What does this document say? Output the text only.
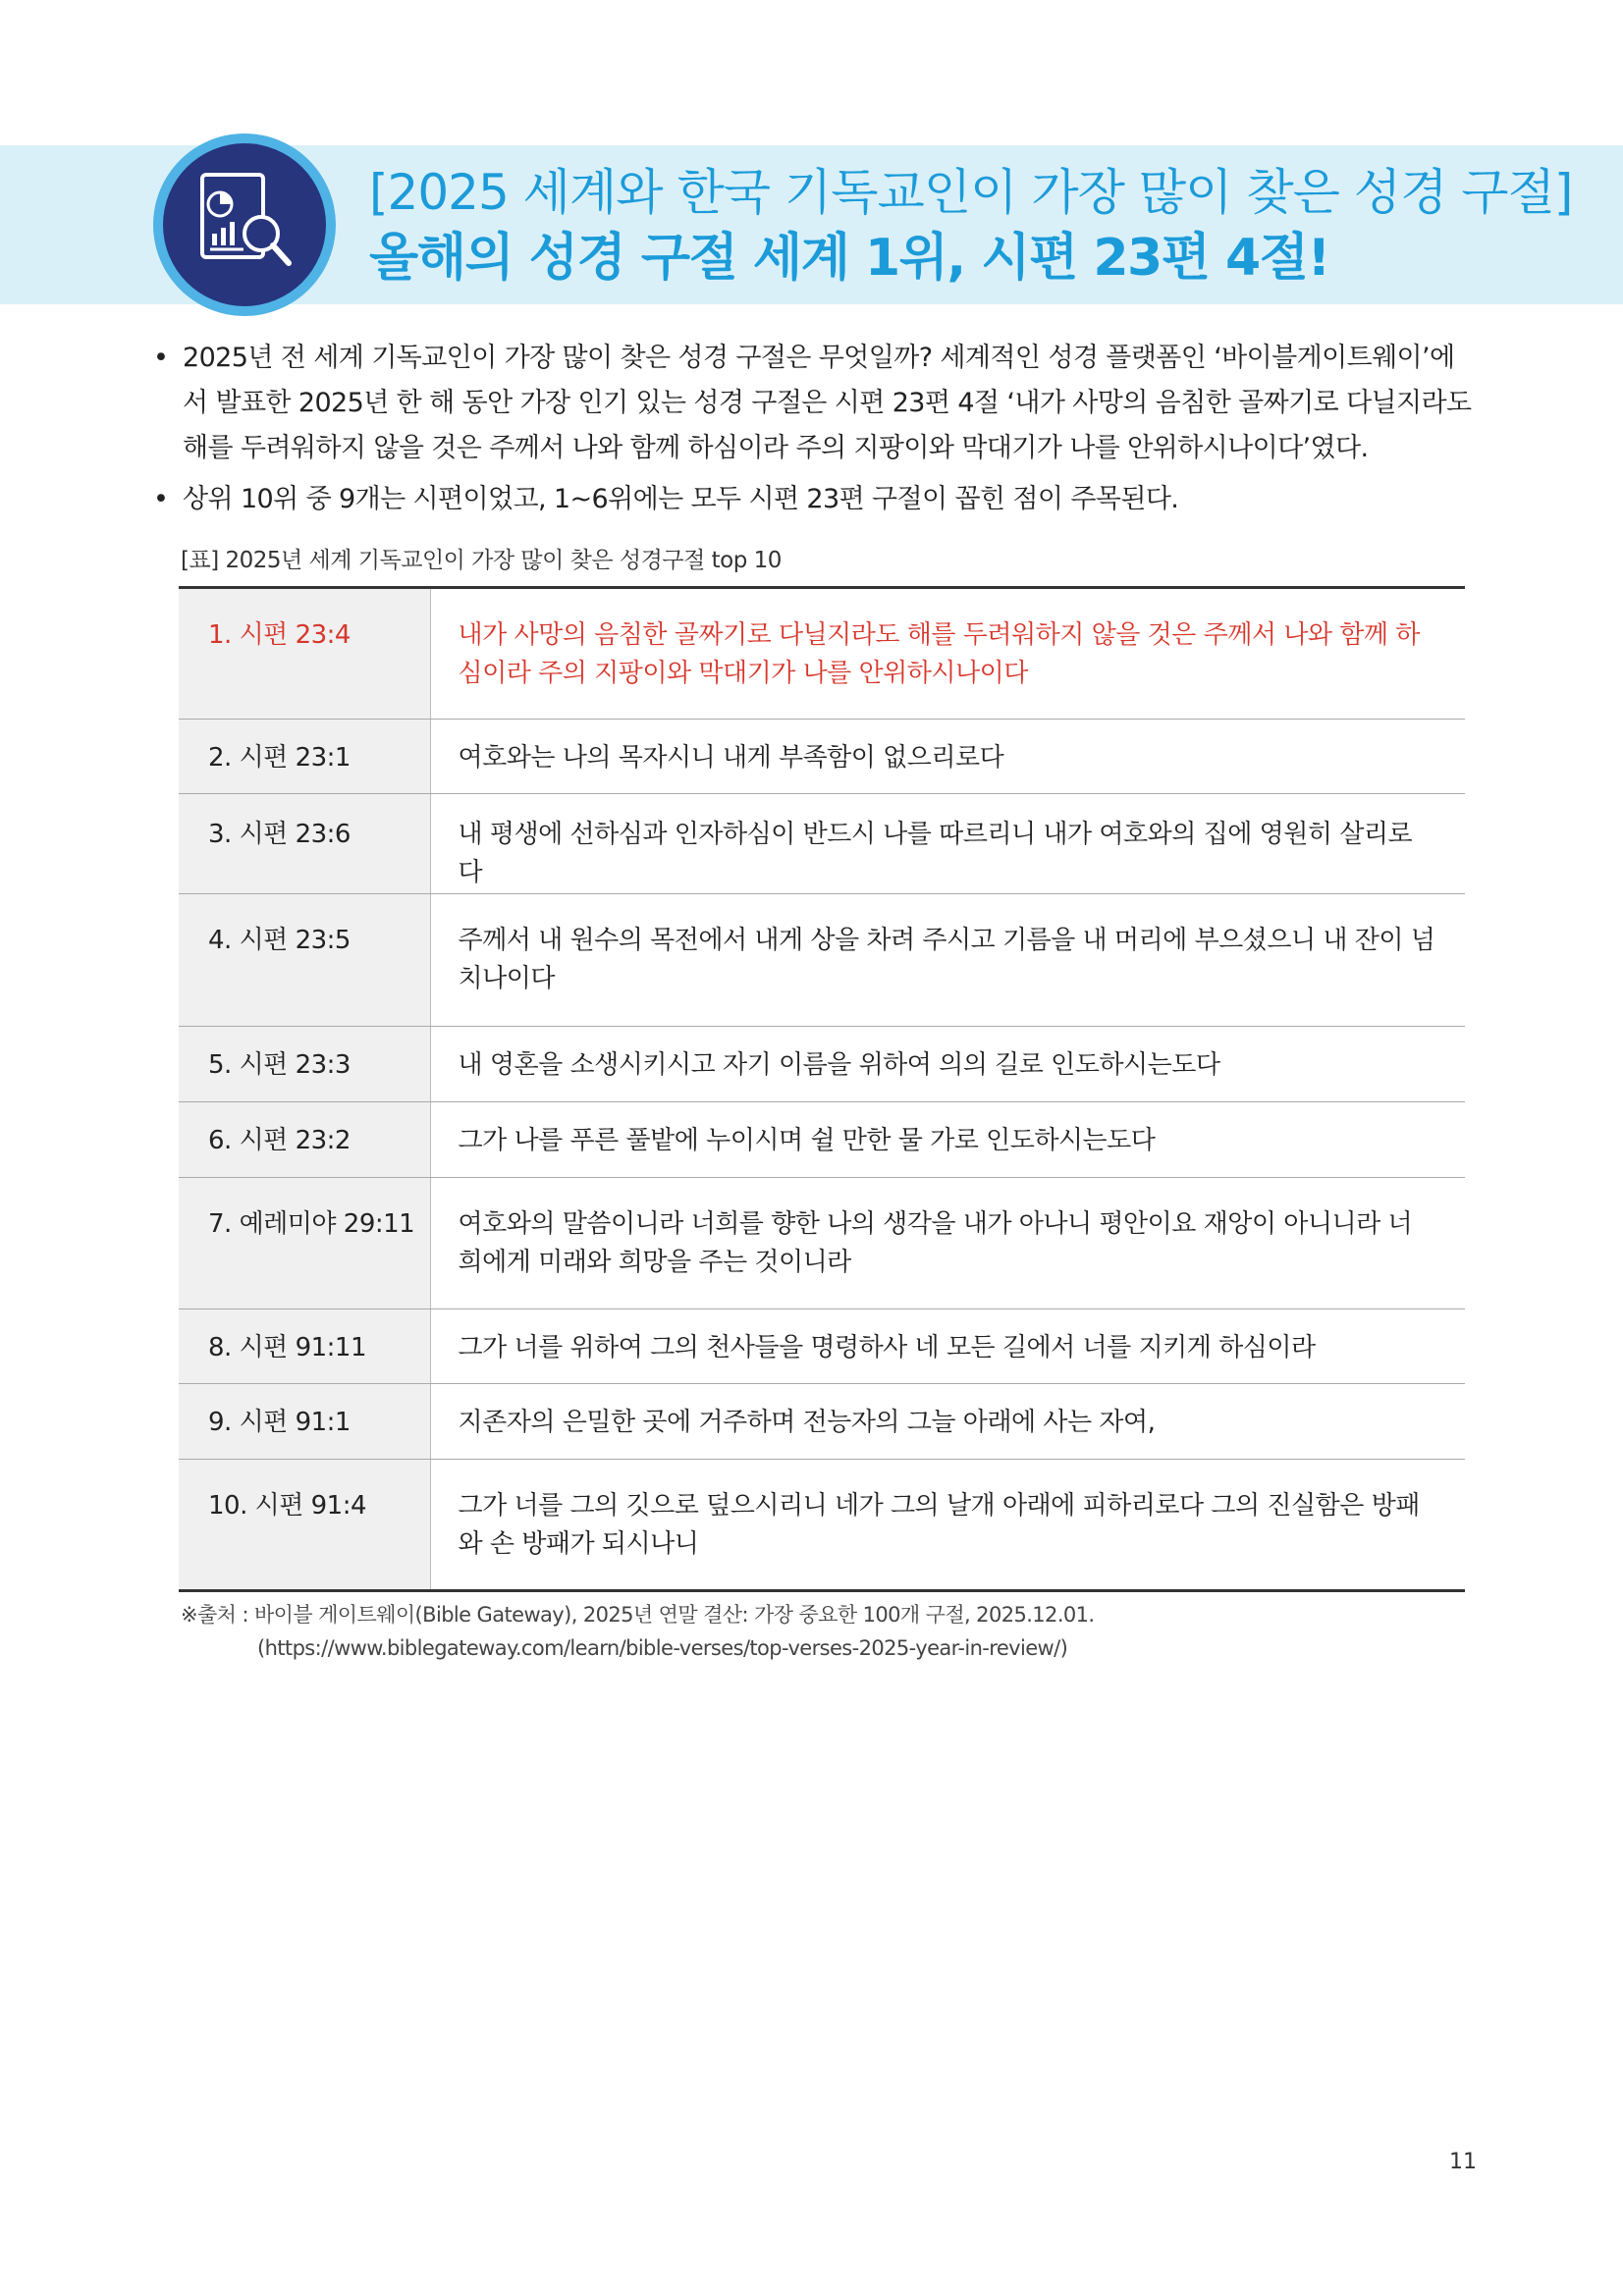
[2025 세계와 한국 기독교인이 가장 많이 찾은 성경 구절]
올해의 성경 구절 세계 1위, 시편 23편 4절!
• 2025년 전 세계 기독교인이 가장 많이 찾은 성경 구절은 무엇일까? 세계적인 성경 플랫폼인 ‘바이블게이트웨이’에서 발표한 2025년 한 해 동안 가장 인기 있는 성경 구절은 시편 23편 4절 ‘내가 사망의 음침한 골짜기로 다닐지라도 해를 두려워하지 않을 것은 주께서 나와 함께 하심이라 주의 지팡이와 막대기가 나를 안위하시나이다’였다.
• 상위 10위 중 9개는 시편이었고, 1~6위에는 모두 시편 23편 구절이 꼽힌 점이 주목된다.
[표] 2025년 세계 기독교인이 가장 많이 찾은 성경구절 top 10
1. 시편 23:4	내가 사망의 음침한 골짜기로 다닐지라도 해를 두려워하지 않을 것은 주께서 나와 함께 하심이라 주의 지팡이와 막대기가 나를 안위하시나이다
2. 시편 23:1	여호와는 나의 목자시니 내게 부족함이 없으리로다
3. 시편 23:6	내 평생에 선하심과 인자하심이 반드시 나를 따르리니 내가 여호와의 집에 영원히 살리로다
4. 시편 23:5	주께서 내 원수의 목전에서 내게 상을 차려 주시고 기름을 내 머리에 부으셨으니 내 잔이 넘치나이다
5. 시편 23:3	내 영혼을 소생시키시고 자기 이름을 위하여 의의 길로 인도하시는도다
6. 시편 23:2	그가 나를 푸른 풀밭에 누이시며 쉴 만한 물 가로 인도하시는도다
7. 예레미야 29:11	여호와의 말씀이니라 너희를 향한 나의 생각을 내가 아나니 평안이요 재앙이 아니니라 너희에게 미래와 희망을 주는 것이니라
8. 시편 91:11	그가 너를 위하여 그의 천사들을 명령하사 네 모든 길에서 너를 지키게 하심이라
9. 시편 91:1	지존자의 은밀한 곳에 거주하며 전능자의 그늘 아래에 사는 자여,
10. 시편 91:4	그가 너를 그의 깃으로 덮으시리니 네가 그의 날개 아래에 피하리로다 그의 진실함은 방패와 손 방패가 되시나니
※출처 : 바이블 게이트웨이(Bible Gateway), 2025년 연말 결산: 가장 중요한 100개 구절, 2025.12.01.
(https://www.biblegateway.com/learn/bible-verses/top-verses-2025-year-in-review/)
11
